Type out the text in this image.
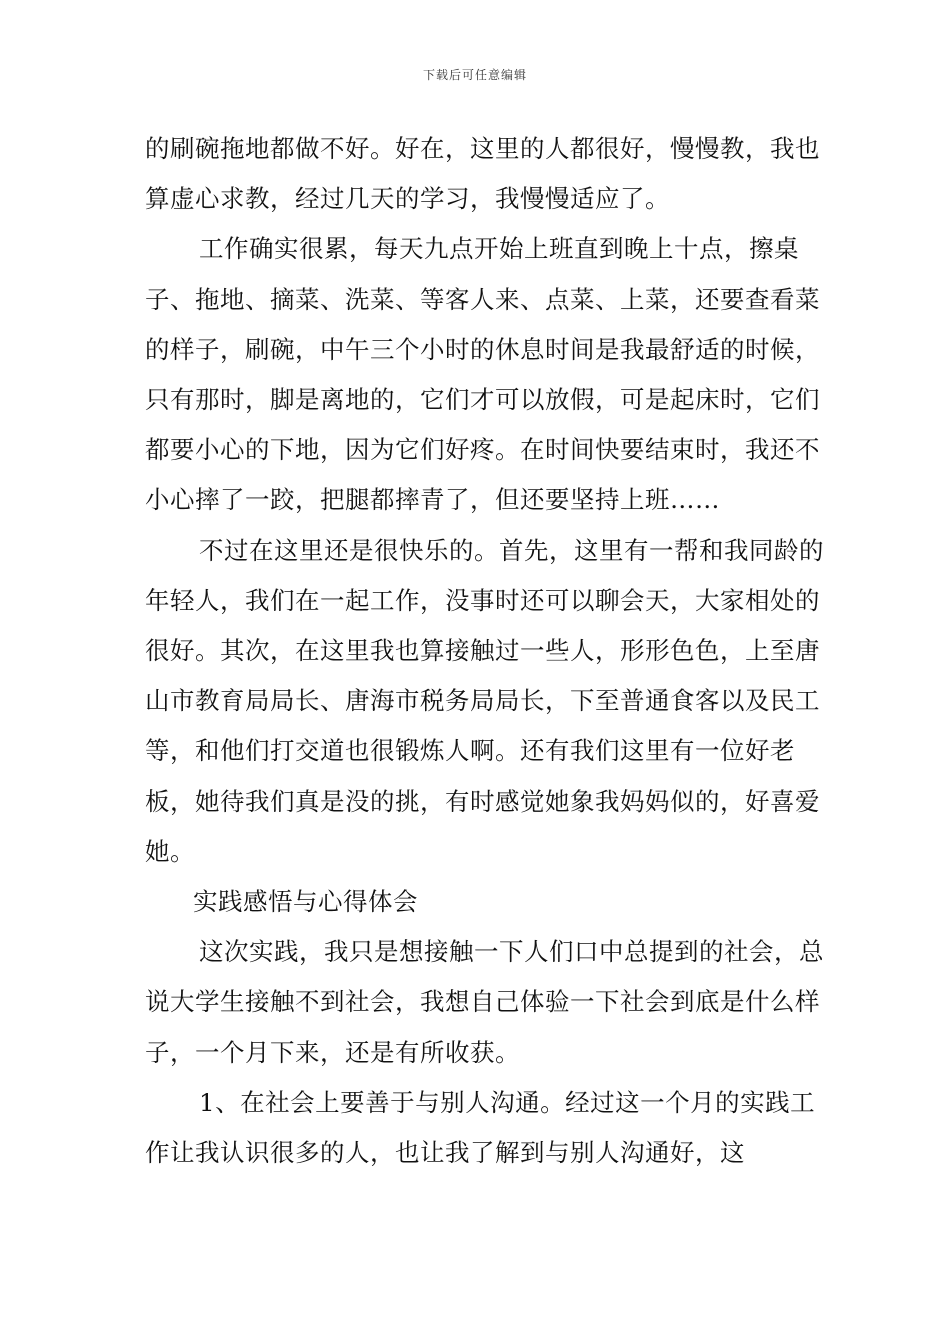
下载后可任意编辑

的刷碗拖地都做不好。好在，这里的人都很好，慢慢教，我也算虚心求教，经过几天的学习，我慢慢适应了。

工作确实很累，每天九点开始上班直到晚上十点，擦桌子、拖地、摘菜、洗菜、等客人来、点菜、上菜，还要查看菜的样子，刷碗，中午三个小时的休息时间是我最舒适的时候，只有那时，脚是离地的，它们才可以放假，可是起床时，它们都要小心的下地，因为它们好疼。在时间快要结束时，我还不小心摔了一跤，把腿都摔青了，但还要坚持上班……

不过在这里还是很快乐的。首先，这里有一帮和我同龄的年轻人，我们在一起工作，没事时还可以聊会天，大家相处的很好。其次，在这里我也算接触过一些人，形形色色，上至唐山市教育局局长、唐海市税务局局长，下至普通食客以及民工等，和他们打交道也很锻炼人啊。还有我们这里有一位好老板，她待我们真是没的挑，有时感觉她象我妈妈似的，好喜爱她。

实践感悟与心得体会

这次实践，我只是想接触一下人们口中总提到的社会，总说大学生接触不到社会，我想自己体验一下社会到底是什么样子，一个月下来，还是有所收获。

1、在社会上要善于与别人沟通。经过这一个月的实践工作让我认识很多的人，也让我了解到与别人沟通好，这
